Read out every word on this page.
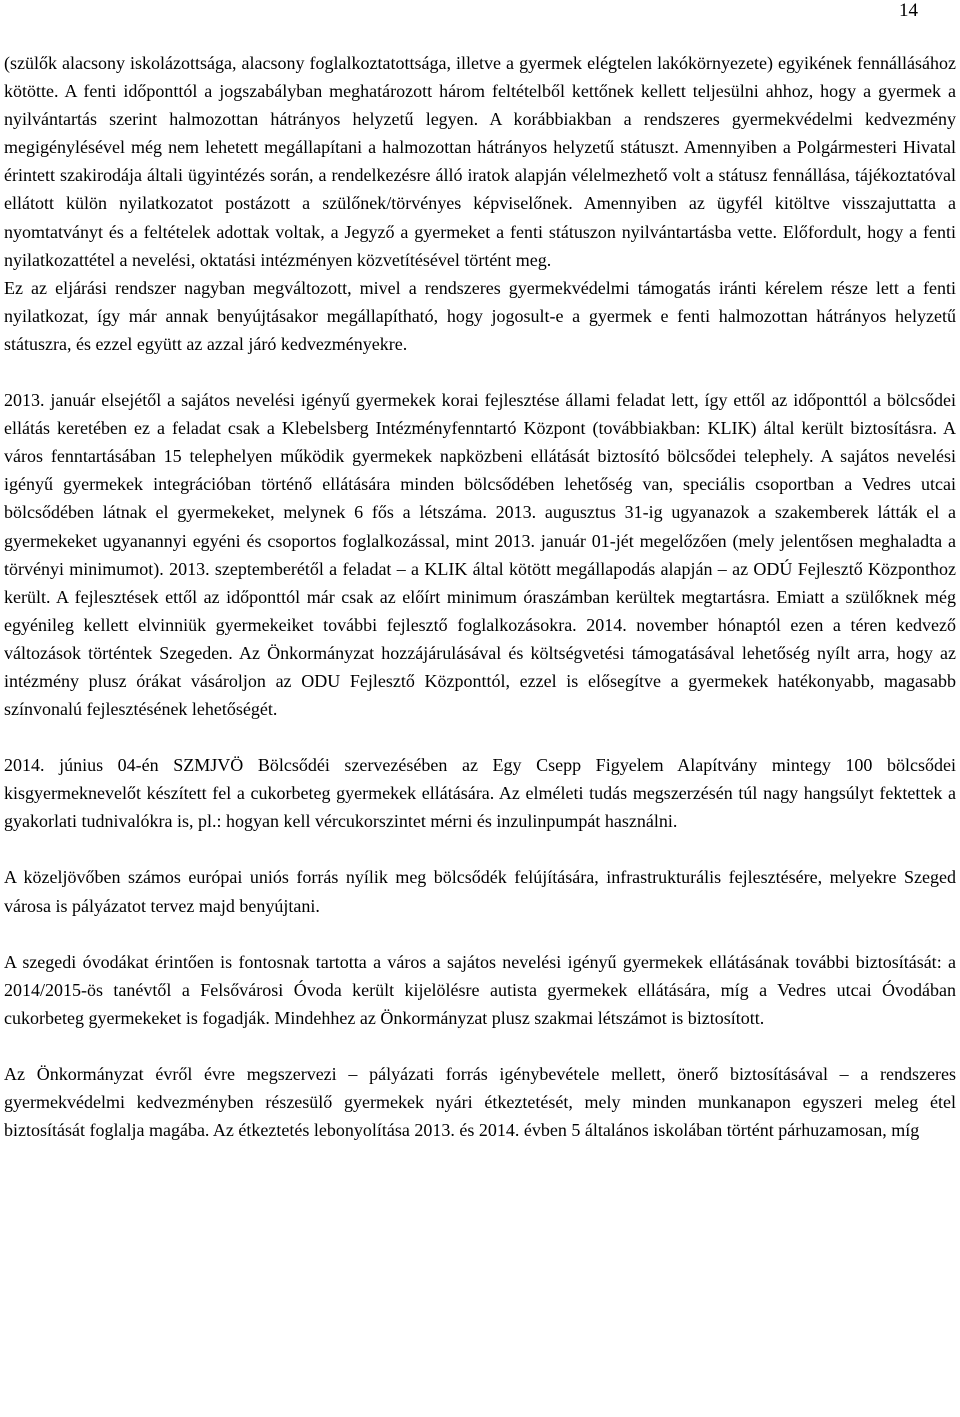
14

(szülők alacsony iskolázottsága, alacsony foglalkoztatottsága, illetve a gyermek elégtelen lakókörnyezete) egyikének fennállásához kötötte. A fenti időponttól a jogszabályban meghatározott három feltételből kettőnek kellett teljesülni ahhoz, hogy a gyermek a nyilvántartás szerint halmozottan hátrányos helyzetű legyen. A korábbiakban a rendszeres gyermekvédelmi kedvezmény megigénylésével még nem lehetett megállapítani a halmozottan hátrányos helyzetű státuszt. Amennyiben a Polgármesteri Hivatal érintett szakirodája általi ügyintézés során, a rendelkezésre álló iratok alapján vélelmezhető volt a státusz fennállása, tájékoztatóval ellátott külön nyilatkozatot postázott a szülőnek/törvényes képviselőnek. Amennyiben az ügyfél kitöltve visszajuttatta a nyomtatványt és a feltételek adottak voltak, a Jegyző a gyermeket a fenti státuszon nyilvántartásba vette. Előfordult, hogy a fenti nyilatkozattétel a nevelési, oktatási intézményen közvetítésével történt meg.

Ez az eljárási rendszer nagyban megváltozott, mivel a rendszeres gyermekvédelmi támogatás iránti kérelem része lett a fenti nyilatkozat, így már annak benyújtásakor megállapítható, hogy jogosult-e a gyermek e fenti halmozottan hátrányos helyzetű státuszra, és ezzel együtt az azzal járó kedvezményekre.

2013. január elsejétől a sajátos nevelési igényű gyermekek korai fejlesztése állami feladat lett, így ettől az időponttól a bölcsődei ellátás keretében ez a feladat csak a Klebelsberg Intézményfenntartó Központ (továbbiakban: KLIK) által került biztosításra. A város fenntartásában 15 telephelyen működik gyermekek napközbeni ellátását biztosító bölcsődei telephely. A sajátos nevelési igényű gyermekek integrációban történő ellátására minden bölcsődében lehetőség van, speciális csoportban a Vedres utcai bölcsődében látnak el gyermekeket, melynek 6 fős a létszáma. 2013. augusztus 31-ig ugyanazok a szakemberek látták el a gyermekeket ugyanannyi egyéni és csoportos foglalkozással, mint 2013. január 01-jét megelőzően (mely jelentősen meghaladta a törvényi minimumot). 2013. szeptemberétől a feladat – a KLIK által kötött megállapodás alapján – az ODÚ Fejlesztő Központhoz került. A fejlesztések ettől az időponttól már csak az előírt minimum óraszámban kerültek megtartásra. Emiatt a szülőknek még egyénileg kellett elvinniük gyermekeiket további fejlesztő foglalkozásokra. 2014. november hónaptól ezen a téren kedvező változások történtek Szegeden. Az Önkormányzat hozzájárulásával és költségvetési támogatásával lehetőség nyílt arra, hogy az intézmény plusz órákat vásároljon az ODU Fejlesztő Központtól, ezzel is elősegítve a gyermekek hatékonyabb, magasabb színvonalú fejlesztésének lehetőségét.

2014. június 04-én SZMJVÖ Bölcsődéi szervezésében az Egy Csepp Figyelem Alapítvány mintegy 100 bölcsődei kisgyermeknevelőt készített fel a cukorbeteg gyermekek ellátására. Az elméleti tudás megszerzésén túl nagy hangsúlyt fektettek a gyakorlati tudnivalókra is, pl.: hogyan kell vércukorszintet mérni és inzulinpumpát használni.

A közeljövőben számos európai uniós forrás nyílik meg bölcsődék felújítására, infrastrukturális fejlesztésére, melyekre Szeged városa is pályázatot tervez majd benyújtani.

A szegedi óvodákat érintően is fontosnak tartotta a város a sajátos nevelési igényű gyermekek ellátásának további biztosítását: a 2014/2015-ös tanévtől a Felsővárosi Óvoda került kijelölésre autista gyermekek ellátására, míg a Vedres utcai Óvodában cukorbeteg gyermekeket is fogadják. Mindehhez az Önkormányzat plusz szakmai létszámot is biztosított.

Az Önkormányzat évről évre megszervezi – pályázati forrás igénybevétele mellett, önerő biztosításával – a rendszeres gyermekvédelmi kedvezményben részesülő gyermekek nyári étkeztetését, mely minden munkanapon egyszeri meleg étel biztosítását foglalja magába. Az étkeztetés lebonyolítása 2013. és 2014. évben 5 általános iskolában történt párhuzamosan, míg
